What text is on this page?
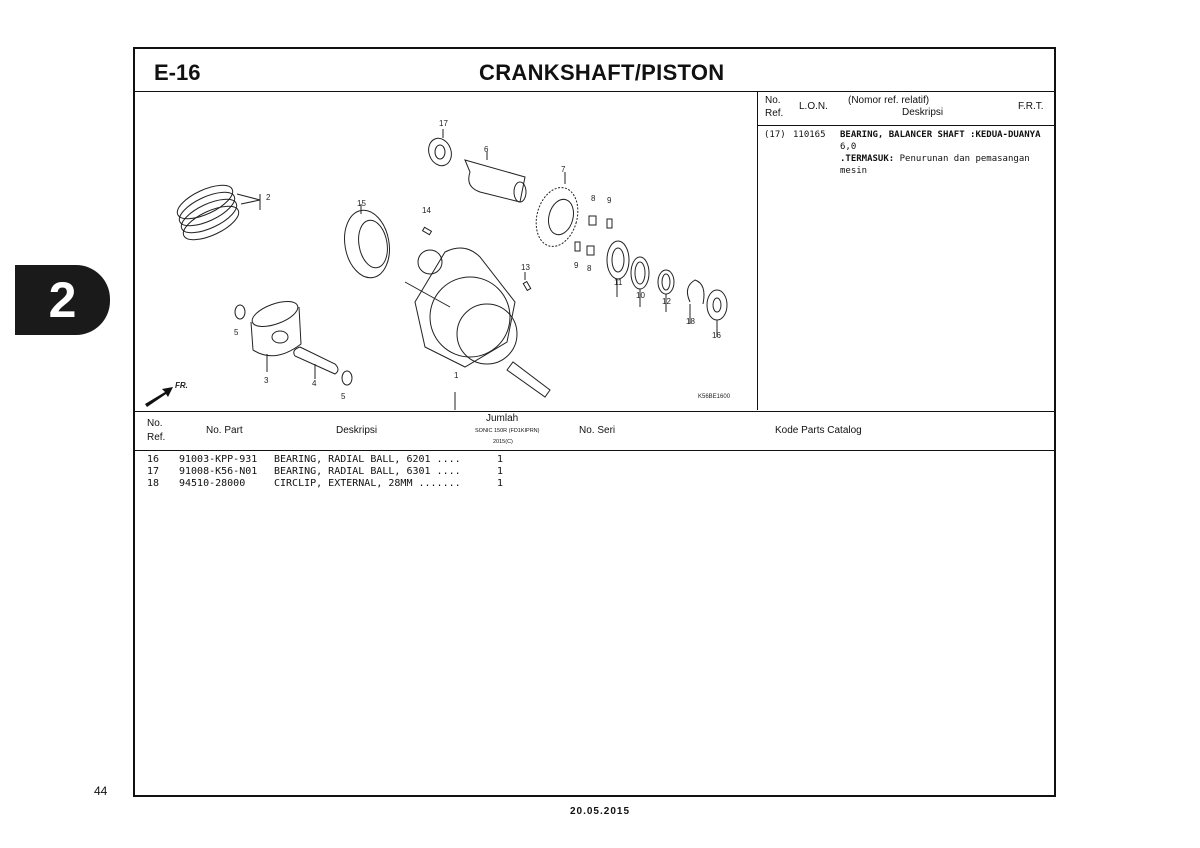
2
44
20.05.2015
E-16	CRANKSHAFT/PISTON
FR.
K56BE1600
1
2
3	4
5
5
6
7
8 9
9 8
10
11
12
13
14
15
16
17
18
No.
Ref.
L.O.N.
(Nomor ref. relatif)
Deskripsi
F.R.T.
(17) 110165 BEARING, BALANCER SHAFT :KEDUA-DUANYA 6,0
.TERMASUK: Penurunan dan pemasangan mesin
No.
Ref.
No. Part	Deskripsi
Jumlah
SONIC 150R (FD1KIPRN)
2015(C)
No. Seri	Kode Parts Catalog
16 91003-KPP-931 BEARING, RADIAL BALL, 6201 ....	1
17 91008-K56-N01 BEARING, RADIAL BALL, 6301 ....	1
18 94510-28000	CIRCLIP, EXTERNAL, 28MM .......	1
